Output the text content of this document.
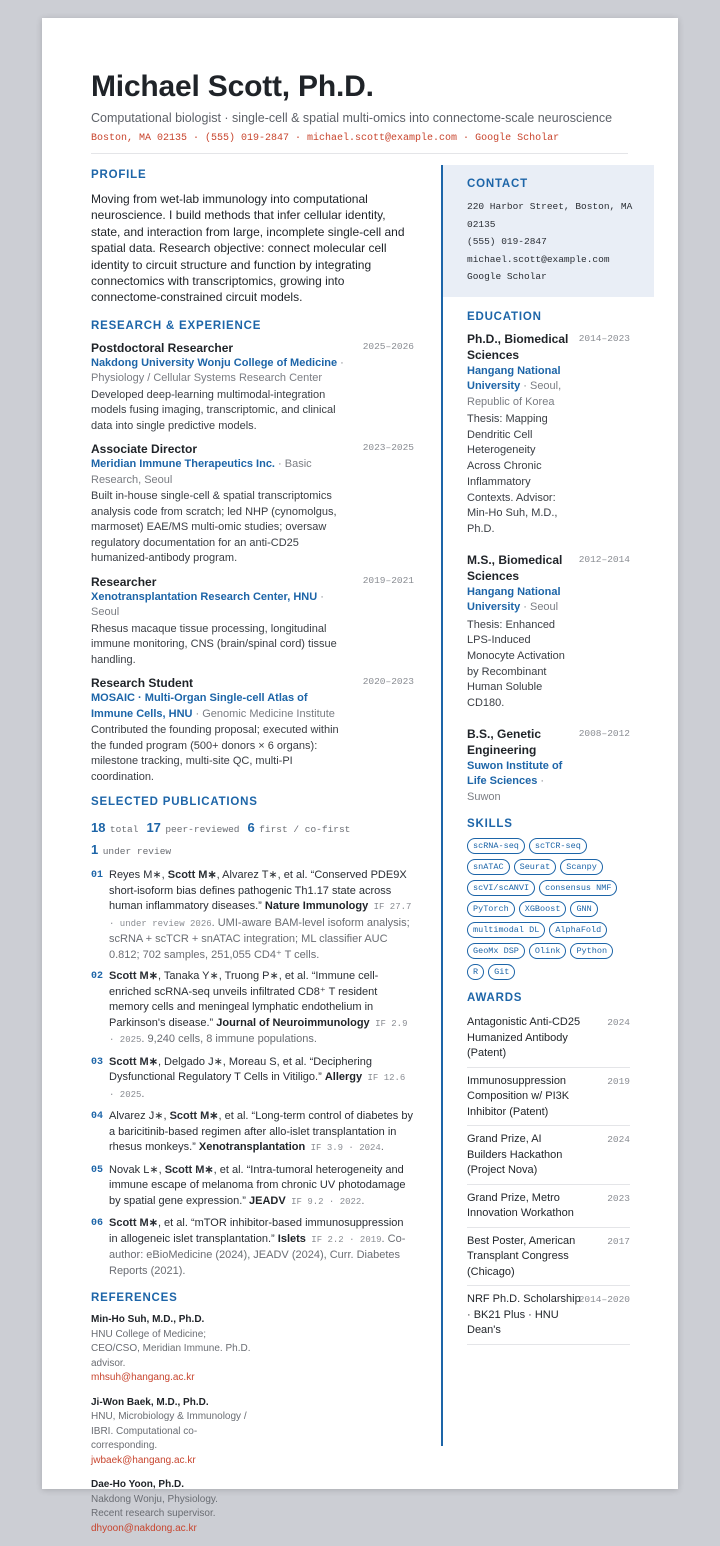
Michael Scott, Ph.D.
Computational biologist · single-cell & spatial multi-omics into connectome-scale neuroscience
Boston, MA 02135 · (555) 019-2847 · michael.scott@example.com · Google Scholar
PROFILE
Moving from wet-lab immunology into computational neuroscience. I build methods that infer cellular identity, state, and interaction from large, incomplete single-cell and spatial data. Research objective: connect molecular cell identity to circuit structure and function by integrating connectomics with transcriptomics, growing into connectome-constrained circuit models.
RESEARCH & EXPERIENCE
Postdoctoral Researcher	2025–2026
Nakdong University Wonju College of Medicine · Physiology / Cellular Systems Research Center
Developed deep-learning multimodal-integration models fusing imaging, transcriptomic, and clinical data into single predictive models.
Associate Director	2023–2025
Meridian Immune Therapeutics Inc. · Basic Research, Seoul
Built in-house single-cell & spatial transcriptomics analysis code from scratch; led NHP (cynomolgus, marmoset) EAE/MS multi-omic studies; oversaw regulatory documentation for an anti-CD25 humanized-antibody program.
Researcher	2019–2021
Xenotransplantation Research Center, HNU · Seoul
Rhesus macaque tissue processing, longitudinal immune monitoring, CNS (brain/spinal cord) tissue handling.
Research Student	2020–2023
MOSAIC · Multi-Organ Single-cell Atlas of Immune Cells, HNU · Genomic Medicine Institute
Contributed the founding proposal; executed within the funded program (500+ donors × 6 organs): milestone tracking, multi-site QC, multi-PI coordination.
SELECTED PUBLICATIONS
18 total 17 peer-reviewed 6 first / co-first
1 under review
01 Reyes M∗, Scott M∗, Alvarez T∗, et al. “Conserved PDE9X short-isoform bias defines pathogenic Th1.17 state across human inflammatory diseases.” Nature Immunology IF 27.7 · under review 2026. UMI-aware BAM-level isoform analysis; scRNA + scTCR + snATAC integration; ML classifier AUC 0.812; 702 samples, 251,055 CD4⁺ T cells.
02 Scott M∗, Tanaka Y∗, Truong P∗, et al. “Immune cell-enriched scRNA-seq unveils infiltrated CD8⁺ T resident memory cells and meningeal lymphatic endothelium in Parkinson's disease.” Journal of Neuroimmunology IF 2.9 · 2025. 9,240 cells, 8 immune populations.
03 Scott M∗, Delgado J∗, Moreau S, et al. “Deciphering Dysfunctional Regulatory T Cells in Vitiligo.” Allergy IF 12.6 · 2025.
04 Alvarez J∗, Scott M∗, et al. “Long-term control of diabetes by a baricitinib-based regimen after allo-islet transplantation in rhesus monkeys.” Xenotransplantation IF 3.9 · 2024.
05 Novak L∗, Scott M∗, et al. “Intra-tumoral heterogeneity and immune escape of melanoma from chronic UV photodamage by spatial gene expression.” JEADV IF 9.2 · 2022.
06 Scott M∗, et al. “mTOR inhibitor-based immunosuppression in allogeneic islet transplantation.” Islets IF 2.2 · 2019. Co-author: eBioMedicine (2024), JEADV (2024), Curr. Diabetes Reports (2021).
REFERENCES
Min-Ho Suh, M.D., Ph.D.
HNU College of Medicine; CEO/CSO, Meridian Immune. Ph.D. advisor.
mhsuh@hangang.ac.kr
Ji-Won Baek, M.D., Ph.D.
HNU, Microbiology & Immunology / IBRI. Computational co-corresponding.
jwbaek@hangang.ac.kr
Dae-Ho Yoon, Ph.D.
Nakdong Wonju, Physiology. Recent research supervisor.
dhyoon@nakdong.ac.kr
CONTACT
220 Harbor Street, Boston, MA 02135
(555) 019-2847
michael.scott@example.com
Google Scholar
EDUCATION
Ph.D., Biomedical Sciences
2014–2023
Hangang National University · Seoul, Republic of Korea
Thesis: Mapping Dendritic Cell Heterogeneity Across Chronic Inflammatory Contexts. Advisor: Min-Ho Suh, M.D., Ph.D.
M.S., Biomedical Sciences
2012–2014
Hangang National University · Seoul
Thesis: Enhanced LPS-Induced Monocyte Activation by Recombinant Human Soluble CD180.
B.S., Genetic Engineering
2008–2012
Suwon Institute of Life Sciences · Suwon
SKILLS
scRNA-seq	scTCR-seq
snATAC	Seurat	Scanpy
scVI/scANVI	consensus NMF
PyTorch	XGBoost	GNN
multimodal DL	AlphaFold
GeoMx DSP	Olink	Python
R	Git
AWARDS
Antagonistic Anti-CD25 Humanized Antibody (Patent)
2024
Immunosuppression Composition w/ PI3K Inhibitor (Patent)
2019
Grand Prize, AI Builders Hackathon (Project Nova)
2024
Grand Prize, Metro Innovation Workathon
2023
Best Poster, American Transplant Congress (Chicago)
2017
NRF Ph.D. Scholarship · BK21 Plus · HNU Dean's
2014–2020
